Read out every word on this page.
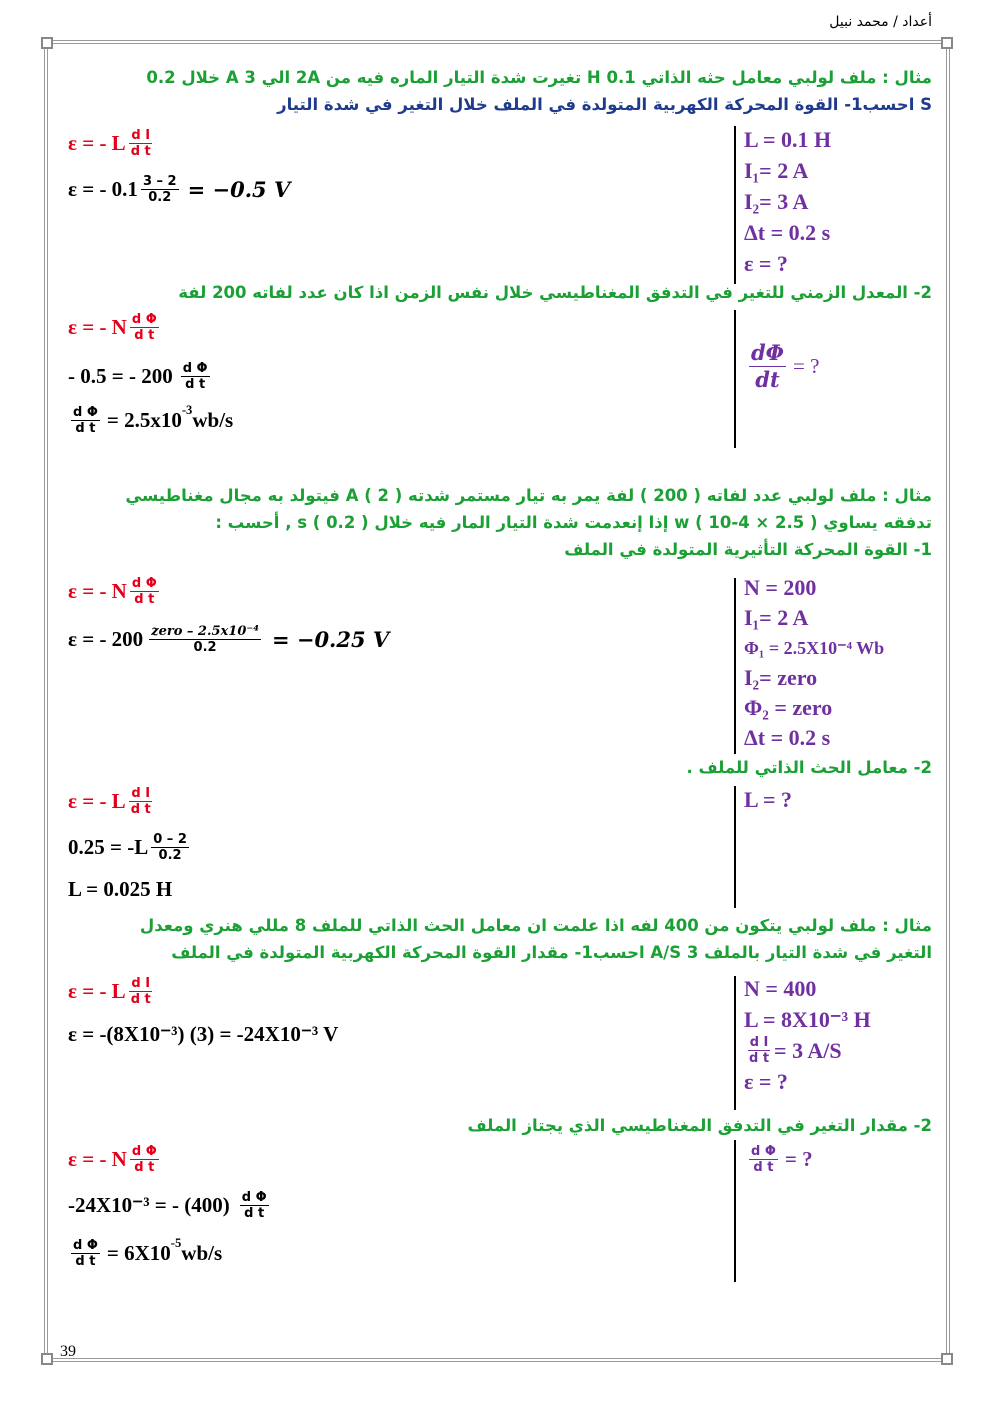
أعداد / محمد نبيل
39
مثال : ملف لولبي معامل حثه الذاتي 0.1 H تغيرت شدة التيار الماره فيه من 2A الي 3 A خلال 0.2
S احسب1- القوة المحركة الكهربية المتولدة في الملف خلال التغير في شدة التيار
ε = - L $\frac{\text{d I}}{\text{d t}}$
ε = - $0.1 \frac{3 - 2}{0.2} = -0.5$ V
L = 0.1 H
I₁= 2 A
I₂= 3 A
Δt = 0.2 s
ε = ?
2- المعدل الزمني للتغير في التدفق المغناطيسي خلال نفس الزمن اذا كان عدد لفاته 200 لفة
ε = - N $\frac{\text{d Φ}}{\text{d t}}$
- 0.5 = - $200 \frac{\text{d Φ}}{\text{d t}}$
$\frac{\text{d Φ}}{\text{d t}} = 2.5x10^{-3}$ wb/s
$\frac{d\Phi}{dt}$ = ?
مثال : ملف لولبي عدد لفاته ( 200 ) لفة يمر به تيار مستمر شدته A ( 2 ) فيتولد به مجال مغناطيسي
تدفقه يساوي w ( 10-4 × 2.5 ) إذا إنعدمت شدة التيار المار فيه خلال s ( 0.2 ) , أحسب :
1- القوة المحركة التأثيرية المتولدة في الملف
ε = - N $\frac{\text{d Φ}}{\text{d t}}$
ε = - $200 \frac{\text{zero – 2.5x10⁻⁴}}{0.2} = -0.25$ V
N = 200
I₁= 2 A
Φ₁ = 2.5X10⁻⁴ Wb
I₂= zero
Φ₂ = zero
Δt = 0.2 s
2- معامل الحث الذاتي للملف .
ε = - L $\frac{\text{d I}}{\text{d t}}$
$0.25 = -L \frac{0 - 2}{0.2}$
L = 0.025 H
L = ?
مثال : ملف لولبي يتكون من 400 لفه اذا علمت ان معامل الحث الذاتي للملف 8 مللي هنري ومعدل
التغير في شدة التيار بالملف 3 A/S احسب1- مقدار القوة المحركة الكهربية المتولدة في الملف
ε = - L $\frac{\text{d I}}{\text{d t}}$
ε = -(8X10⁻³) (3) = -24X10⁻³ V
N = 400
L = 8X10⁻³ H
$\frac{\text{d I}}{\text{d t}} = 3$ A/S
ε = ?
2- مقدار التغير في التدفق المغناطيسي الذي يجتاز الملف
ε = - N $\frac{\text{d Φ}}{\text{d t}}$
-24X10⁻³ = - $(400) \frac{\text{d Φ}}{\text{d t}}$
$\frac{\text{d Φ}}{\text{d t}} = 6X10^{-5}$ wb/s
$\frac{\text{d Φ}}{\text{d t}}$ = ?
